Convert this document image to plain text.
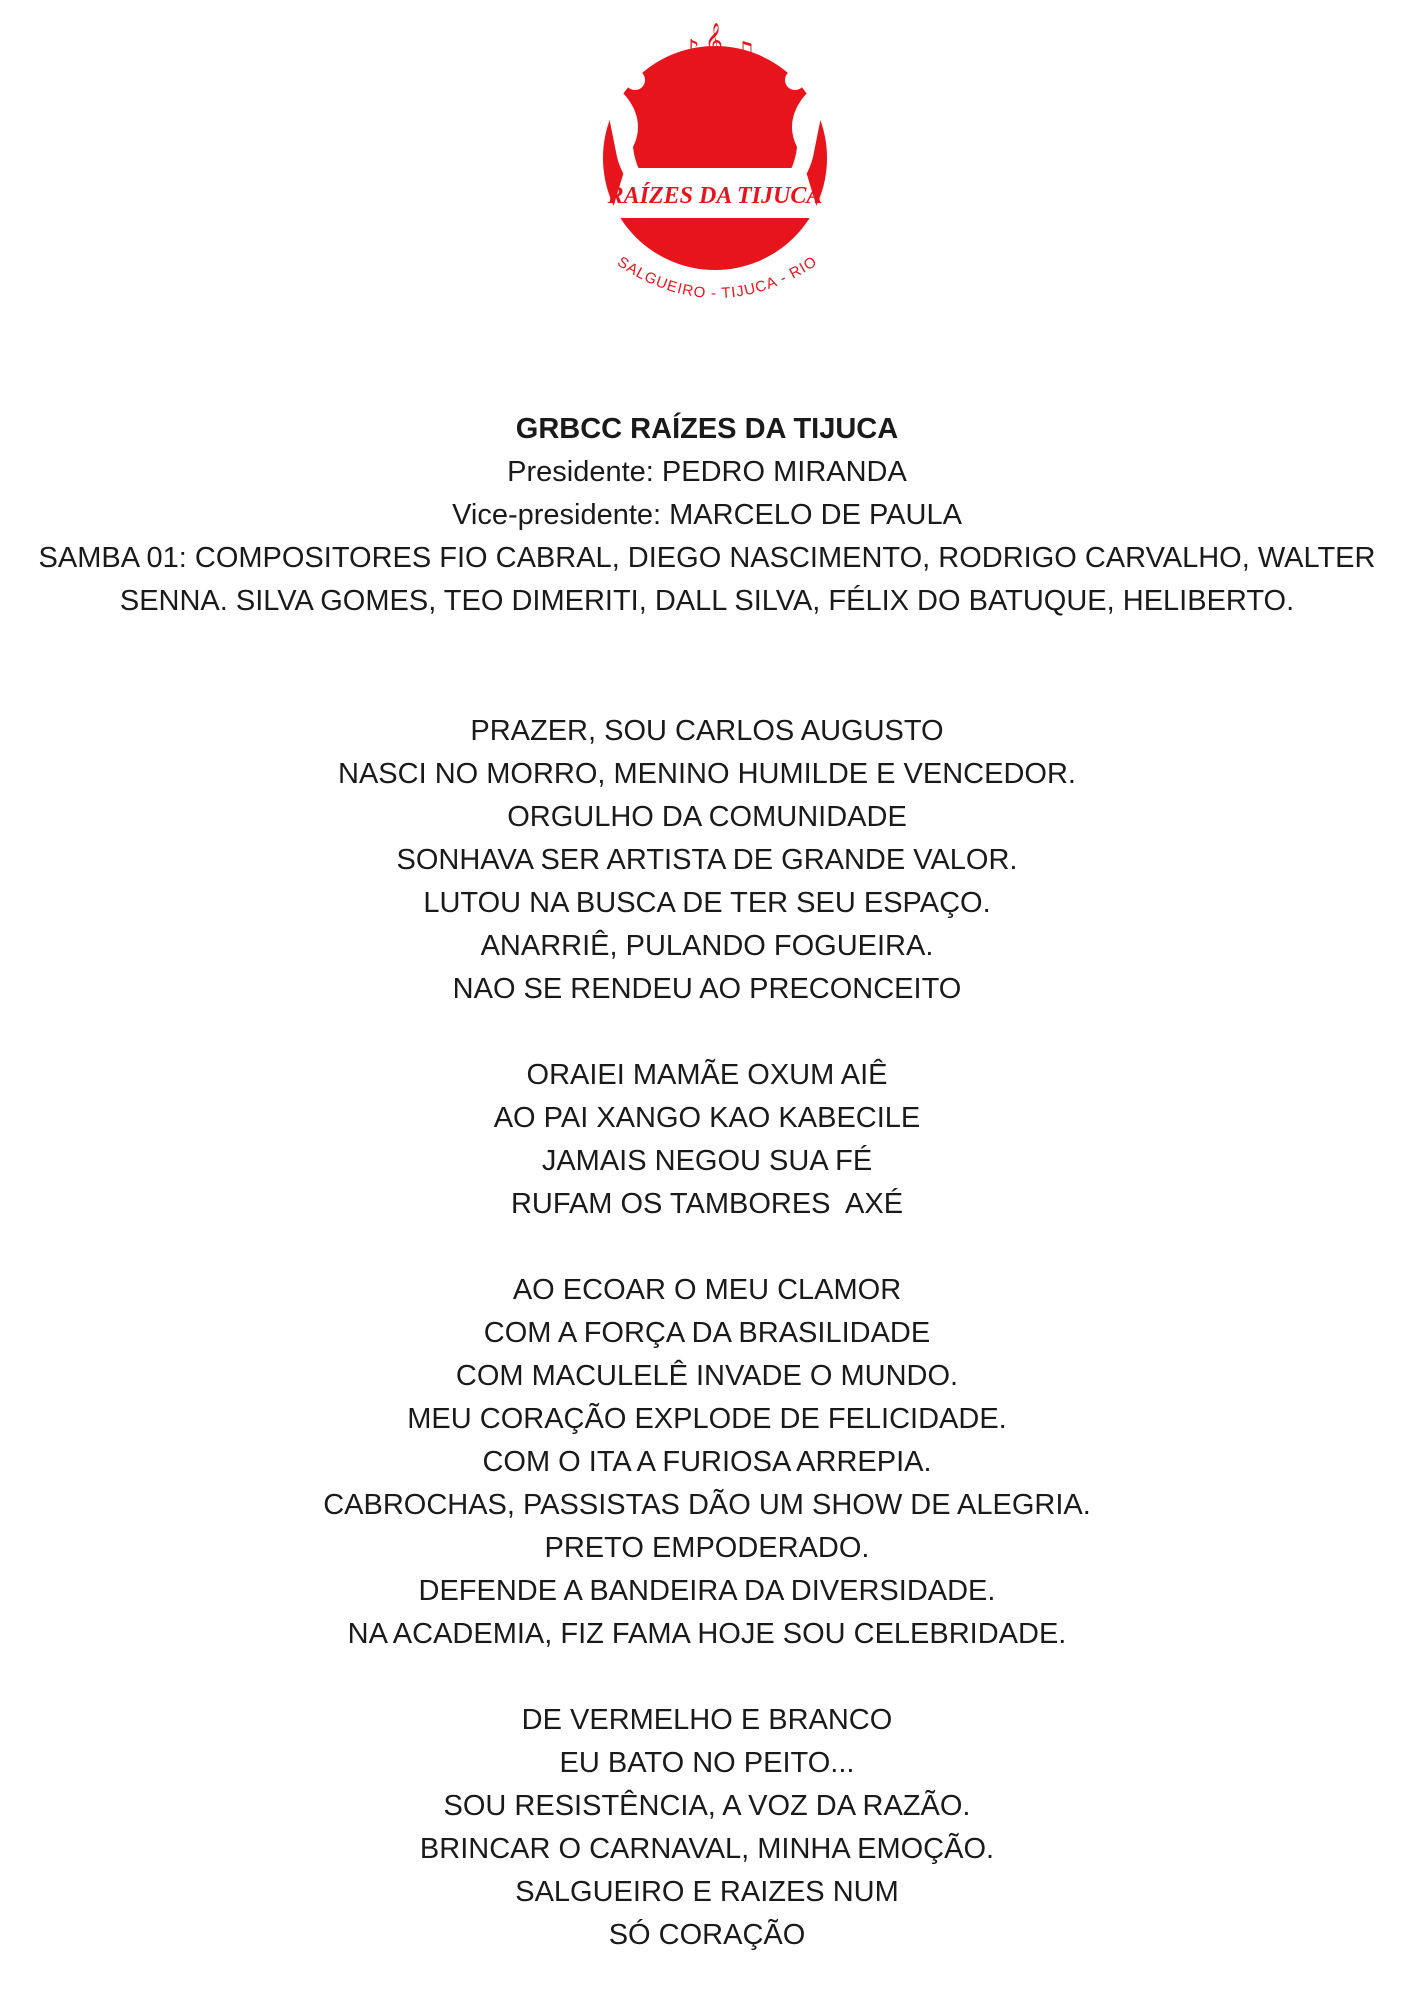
♪ 𝄞 ♫
B.C.C.R.
RAÍZES DA TIJUCA
SALGUEIRO - TIJUCA - RIO
GRBCC RAÍZES DA TIJUCA
Presidente: PEDRO MIRANDA
Vice-presidente: MARCELO DE PAULA
SAMBA 01: COMPOSITORES FIO CABRAL, DIEGO NASCIMENTO, RODRIGO CARVALHO, WALTER
SENNA. SILVA GOMES, TEO DIMERITI, DALL SILVA, FÉLIX DO BATUQUE, HELIBERTO.
PRAZER, SOU CARLOS AUGUSTO
NASCI NO MORRO, MENINO HUMILDE E VENCEDOR.
ORGULHO DA COMUNIDADE
SONHAVA SER ARTISTA DE GRANDE VALOR.
LUTOU NA BUSCA DE TER SEU ESPAÇO.
ANARRIÊ, PULANDO FOGUEIRA.
NAO SE RENDEU AO PRECONCEITO
ORAIEI MAMÃE OXUM AIÊ
AO PAI XANGO KAO KABECILE
JAMAIS NEGOU SUA FÉ
RUFAM OS TAMBORES  AXÉ
AO ECOAR O MEU CLAMOR
COM A FORÇA DA BRASILIDADE
COM MACULELÊ INVADE O MUNDO.
MEU CORAÇÃO EXPLODE DE FELICIDADE.
COM O ITA A FURIOSA ARREPIA.
CABROCHAS, PASSISTAS DÃO UM SHOW DE ALEGRIA.
PRETO EMPODERADO.
DEFENDE A BANDEIRA DA DIVERSIDADE.
NA ACADEMIA, FIZ FAMA HOJE SOU CELEBRIDADE.
DE VERMELHO E BRANCO
EU BATO NO PEITO...
SOU RESISTÊNCIA, A VOZ DA RAZÃO.
BRINCAR O CARNAVAL, MINHA EMOÇÃO.
SALGUEIRO E RAIZES NUM
SÓ CORAÇÃO
